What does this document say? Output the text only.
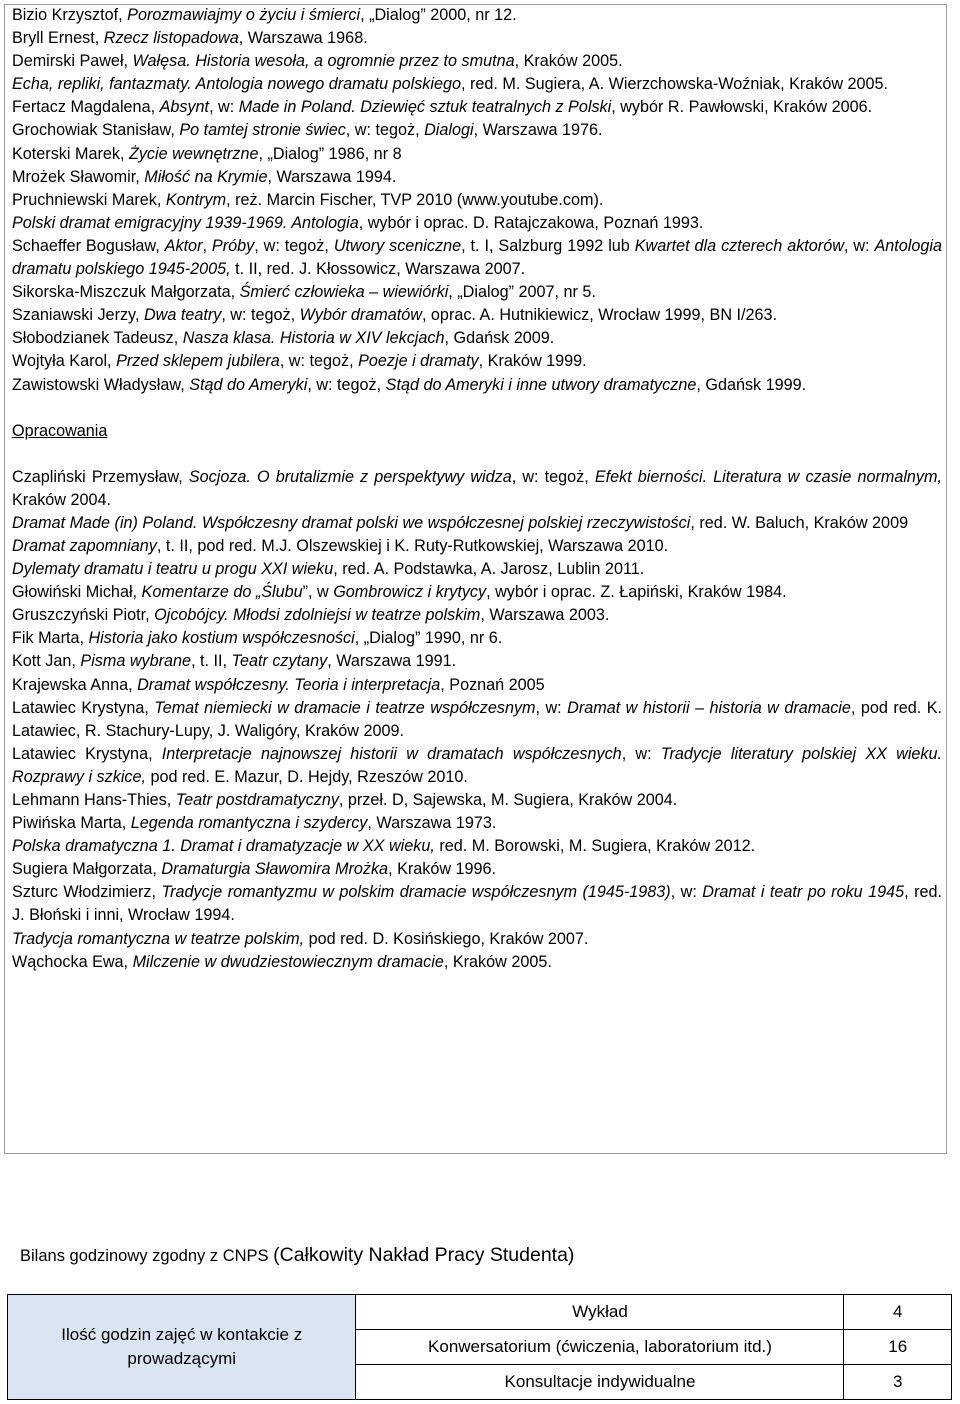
Bizio Krzysztof, Porozmawiajmy o życiu i śmierci, „Dialog” 2000, nr 12.

Bryll Ernest, Rzecz listopadowa, Warszawa 1968.

Demirski Paweł, Wałęsa. Historia wesoła, a ogromnie przez to smutna, Kraków 2005.

Echa, repliki, fantazmaty. Antologia nowego dramatu polskiego, red. M. Sugiera, A. Wierzchowska-Woźniak, Kraków 2005.

Fertacz Magdalena, Absynt, w: Made in Poland. Dziewięć sztuk teatralnych z Polski, wybór R. Pawłowski, Kraków 2006.

Grochowiak Stanisław, Po tamtej stronie świec, w: tegoż, Dialogi, Warszawa 1976.

Koterski Marek, Życie wewnętrzne, „Dialog” 1986, nr 8

Mrożek Sławomir, Miłość na Krymie, Warszawa 1994.

Pruchniewski Marek, Kontrym, reż. Marcin Fischer, TVP 2010 (www.youtube.com).

Polski dramat emigracyjny 1939-1969. Antologia, wybór i oprac. D. Ratajczakowa, Poznań 1993.

Schaeffer Bogusław, Aktor, Próby, w: tegoż, Utwory sceniczne, t. I, Salzburg 1992 lub Kwartet dla czterech aktorów, w: Antologia dramatu polskiego 1945-2005, t. II, red. J. Kłossowicz, Warszawa 2007.

Sikorska-Miszczuk Małgorzata, Śmierć człowieka – wiewiórki, „Dialog” 2007, nr 5.

Szaniawski Jerzy, Dwa teatry, w: tegoż, Wybór dramatów, oprac. A. Hutnikiewicz, Wrocław 1999, BN I/263.

Słobodzianek Tadeusz, Nasza klasa. Historia w XIV lekcjach, Gdańsk 2009.

Wojtyła Karol, Przed sklepem jubilera, w: tegoż, Poezje i dramaty, Kraków 1999.

Zawistowski Władysław, Stąd do Ameryki, w: tegoż, Stąd do Ameryki i inne utwory dramatyczne, Gdańsk 1999.

Opracowania

Czapliński Przemysław, Socjoza. O brutalizmie z perspektywy widza, w: tegoż, Efekt bierności. Literatura w czasie normalnym, Kraków 2004.

Dramat Made (in) Poland. Współczesny dramat polski we współczesnej polskiej rzeczywistości, red. W. Baluch, Kraków 2009

Dramat zapomniany, t. II, pod red. M.J. Olszewskiej i K. Ruty-Rutkowskiej, Warszawa 2010.

Dylematy dramatu i teatru u progu XXI wieku, red. A. Podstawka, A. Jarosz, Lublin 2011.

Głowiński Michał, Komentarze do „Ślubu”, w Gombrowicz i krytycy, wybór i oprac. Z. Łapiński, Kraków 1984.

Gruszczyński Piotr, Ojcobójcy. Młodsi zdolniejsi w teatrze polskim, Warszawa 2003.

Fik Marta, Historia jako kostium współczesności, „Dialog” 1990, nr 6.

Kott Jan, Pisma wybrane, t. II, Teatr czytany, Warszawa 1991.

Krajewska Anna, Dramat współczesny. Teoria i interpretacja, Poznań 2005

Latawiec Krystyna, Temat niemiecki w dramacie i teatrze współczesnym, w: Dramat w historii – historia w dramacie, pod red. K. Latawiec, R. Stachury-Lupy, J. Waligóry, Kraków 2009.

Latawiec Krystyna, Interpretacje najnowszej historii w dramatach współczesnych, w: Tradycje literatury polskiej XX wieku. Rozprawy i szkice, pod red. E. Mazur, D. Hejdy, Rzeszów 2010.

Lehmann Hans-Thies, Teatr postdramatyczny, przeł. D, Sajewska, M. Sugiera, Kraków 2004.

Piwińska Marta, Legenda romantyczna i szydercy, Warszawa 1973.

Polska dramatyczna 1. Dramat i dramatyzacje w XX wieku, red. M. Borowski, M. Sugiera, Kraków 2012.

Sugiera Małgorzata, Dramaturgia Sławomira Mrożka, Kraków 1996.

Szturc Włodzimierz, Tradycje romantyzmu w polskim dramacie współczesnym (1945-1983), w: Dramat i teatr po roku 1945, red. J. Błoński i inni, Wrocław 1994.

Tradycja romantyczna w teatrze polskim, pod red. D. Kosińskiego, Kraków 2007.

Wąchocka Ewa, Milczenie w dwudziestowiecznym dramacie, Kraków 2005.

Bilans godzinowy zgodny z CNPS (Całkowity Nakład Pracy Studenta)
Ilość godzin zajęć w kontakcie z prowadzącymi	Wykład	4
	Konwersatorium (ćwiczenia, laboratorium itd.)	16
	Konsultacje indywidualne	3
